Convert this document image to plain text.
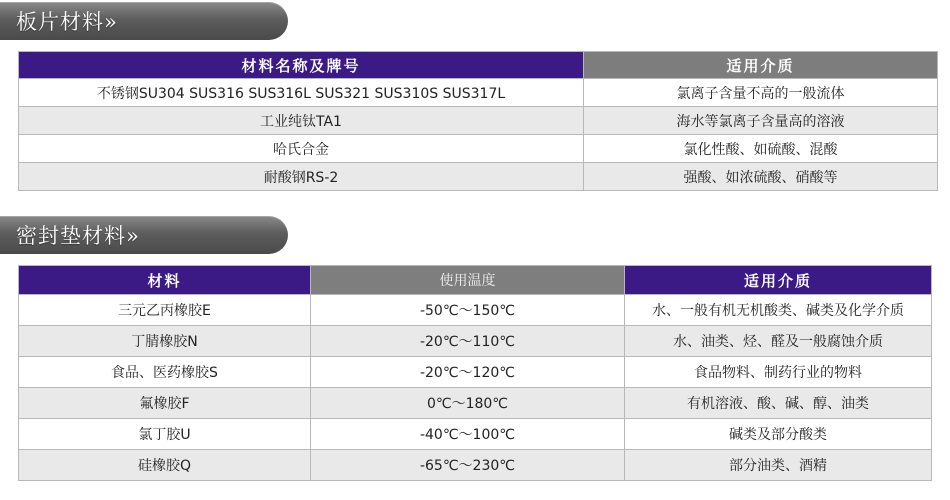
板片材料»
材料名称及牌号	适用介质
不锈钢SU304 SUS316 SUS316L SUS321 SUS310S SUS317L	氯离子含量不高的一般流体
工业纯钛TA1	海水等氯离子含量高的溶液
哈氏合金	氯化性酸、如硫酸、混酸
耐酸钢RS-2	强酸、如浓硫酸、硝酸等
密封垫材料»
材料	使用温度	适用介质
三元乙丙橡胶E	-50℃～150℃	水、一般有机无机酸类、碱类及化学介质
丁腈橡胶N	-20℃～110℃	水、油类、烃、醛及一般腐蚀介质
食品、医药橡胶S	-20℃～120℃	食品物料、制药行业的物料
氟橡胶F	0℃～180℃	有机溶液、酸、碱、醇、油类
氯丁胶U	-40℃～100℃	碱类及部分酸类
硅橡胶Q	-65℃～230℃	部分油类、酒精
